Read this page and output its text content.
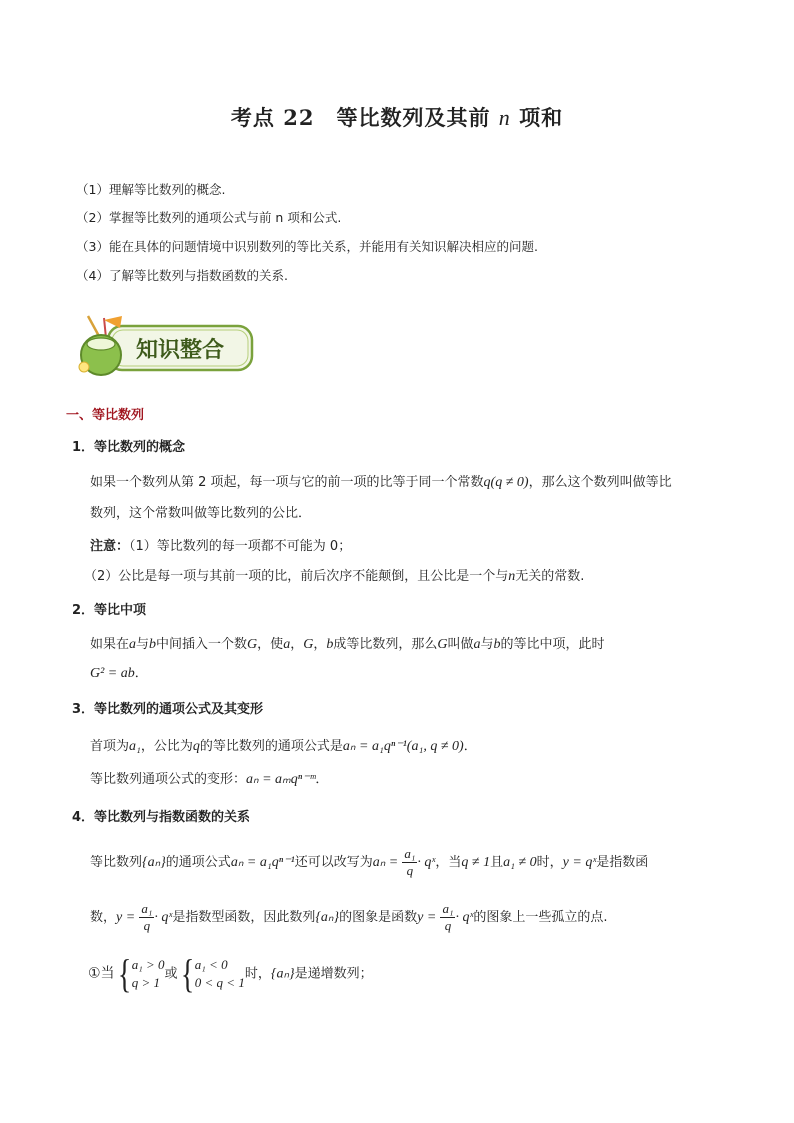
考点 22　等比数列及其前 n 项和
（1）理解等比数列的概念.
（2）掌握等比数列的通项公式与前 n 项和公式.
（3）能在具体的问题情境中识别数列的等比关系，并能用有关知识解决相应的问题.
（4）了解等比数列与指数函数的关系.
知识整合
一、等比数列
1．等比数列的概念
如果一个数列从第 2 项起，每一项与它的前一项的比等于同一个常数q(q ≠ 0)，那么这个数列叫做等比
数列，这个常数叫做等比数列的公比．
注意：（1）等比数列的每一项都不可能为 0；
（2）公比是每一项与其前一项的比，前后次序不能颠倒，且公比是一个与n无关的常数.
2．等比中项
如果在a与b中间插入一个数G，使a，G，b成等比数列，那么G叫做a与b的等比中项，此时
G² = ab．
3．等比数列的通项公式及其变形
首项为a₁，公比为q的等比数列的通项公式是aₙ = a₁qⁿ⁻¹(a₁, q ≠ 0)．
等比数列通项公式的变形：aₙ = aₘqⁿ⁻ᵐ．
4．等比数列与指数函数的关系
等比数列{aₙ}的通项公式aₙ = a₁qⁿ⁻¹还可以改写为$a_n = \frac{\text{a₁}}{q}$ · qˣ，当q ≠ 1且a₁ ≠ 0时，y = qˣ是指数函
数，$y = \frac{\text{a₁}}{q}$ · qˣ是指数型函数，因此数列{aₙ}的图象是函数$y = \frac{\text{a₁}}{q}$ · qˣ的图象上一些孤立的点.
①当{ a₁ > 0
q > 1
或{ a₁ < 0
0 < q < 1
时，{aₙ}是递增数列；
